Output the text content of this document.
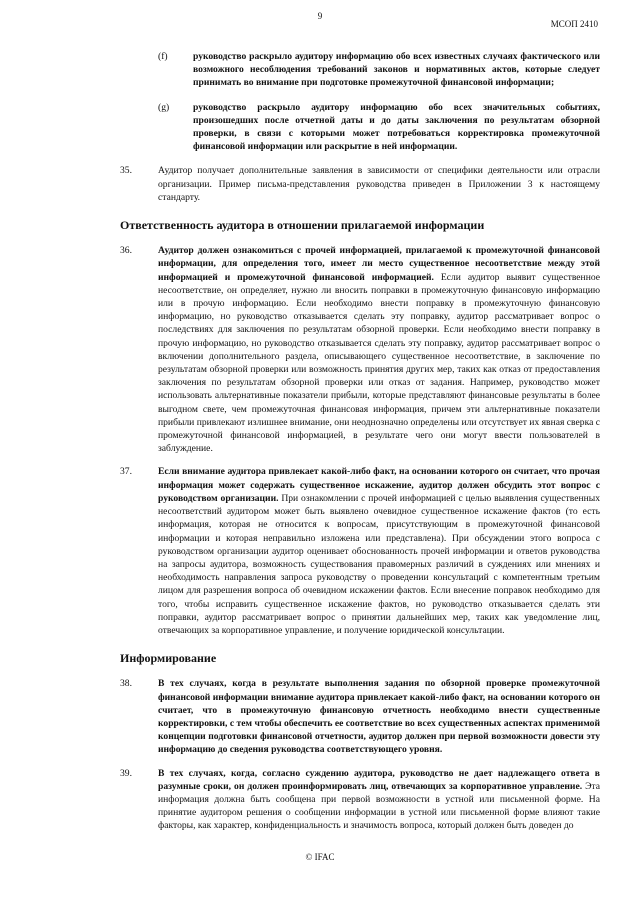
9
МСОП 2410
(f)	руководство раскрыло аудитору информацию обо всех известных случаях фактического или возможного несоблюдения требований законов и нормативных актов, которые следует принимать во внимание при подготовке промежуточной финансовой информации;
(g)	руководство раскрыло аудитору информацию обо всех значительных событиях, произошедших после отчетной даты и до даты заключения по результатам обзорной проверки, в связи с которыми может потребоваться корректировка промежуточной финансовой информации или раскрытие в ней информации.
35.	Аудитор получает дополнительные заявления в зависимости от специфики деятельности или отрасли организации. Пример письма-представления руководства приведен в Приложении 3 к настоящему стандарту.
Ответственность аудитора в отношении прилагаемой информации
36.	Аудитор должен ознакомиться с прочей информацией, прилагаемой к промежуточной финансовой информации, для определения того, имеет ли место существенное несоответствие между этой информацией и промежуточной финансовой информацией. Если аудитор выявит существенное несоответствие, он определяет, нужно ли вносить поправки в промежуточную финансовую информацию или в прочую информацию. Если необходимо внести поправку в промежуточную финансовую информацию, но руководство отказывается сделать эту поправку, аудитор рассматривает вопрос о последствиях для заключения по результатам обзорной проверки. Если необходимо внести поправку в прочую информацию, но руководство отказывается сделать эту поправку, аудитор рассматривает вопрос о включении дополнительного раздела, описывающего существенное несоответствие, в заключение по результатам обзорной проверки или возможность принятия других мер, таких как отказ от предоставления заключения по результатам обзорной проверки или отказ от задания. Например, руководство может использовать альтернативные показатели прибыли, которые представляют финансовые результаты в более выгодном свете, чем промежуточная финансовая информация, причем эти альтернативные показатели прибыли привлекают излишнее внимание, они неоднозначно определены или отсутствует их явная сверка с промежуточной финансовой информацией, в результате чего они могут ввести пользователей в заблуждение.
37.	Если внимание аудитора привлекает какой-либо факт, на основании которого он считает, что прочая информация может содержать существенное искажение, аудитор должен обсудить этот вопрос с руководством организации. При ознакомлении с прочей информацией с целью выявления существенных несоответствий аудитором может быть выявлено очевидное существенное искажение фактов (то есть информация, которая не относится к вопросам, присутствующим в промежуточной финансовой информации и которая неправильно изложена или представлена). При обсуждении этого вопроса с руководством организации аудитор оценивает обоснованность прочей информации и ответов руководства на запросы аудитора, возможность существования правомерных различий в суждениях или мнениях и необходимость направления запроса руководству о проведении консультаций с компетентным третьим лицом для разрешения вопроса об очевидном искажении фактов. Если внесение поправок необходимо для того, чтобы исправить существенное искажение фактов, но руководство отказывается сделать эти поправки, аудитор рассматривает вопрос о принятии дальнейших мер, таких как уведомление лиц, отвечающих за корпоративное управление, и получение юридической консультации.
Информирование
38.	В тех случаях, когда в результате выполнения задания по обзорной проверке промежуточной финансовой информации внимание аудитора привлекает какой-либо факт, на основании которого он считает, что в промежуточную финансовую отчетность необходимо внести существенные корректировки, с тем чтобы обеспечить ее соответствие во всех существенных аспектах применимой концепции подготовки финансовой отчетности, аудитор должен при первой возможности довести эту информацию до сведения руководства соответствующего уровня.
39.	В тех случаях, когда, согласно суждению аудитора, руководство не дает надлежащего ответа в разумные сроки, он должен проинформировать лиц, отвечающих за корпоративное управление. Эта информация должна быть сообщена при первой возможности в устной или письменной форме. На принятие аудитором решения о сообщении информации в устной или письменной форме влияют такие факторы, как характер, конфиденциальность и значимость вопроса, который должен быть доведен до
© IFAC
